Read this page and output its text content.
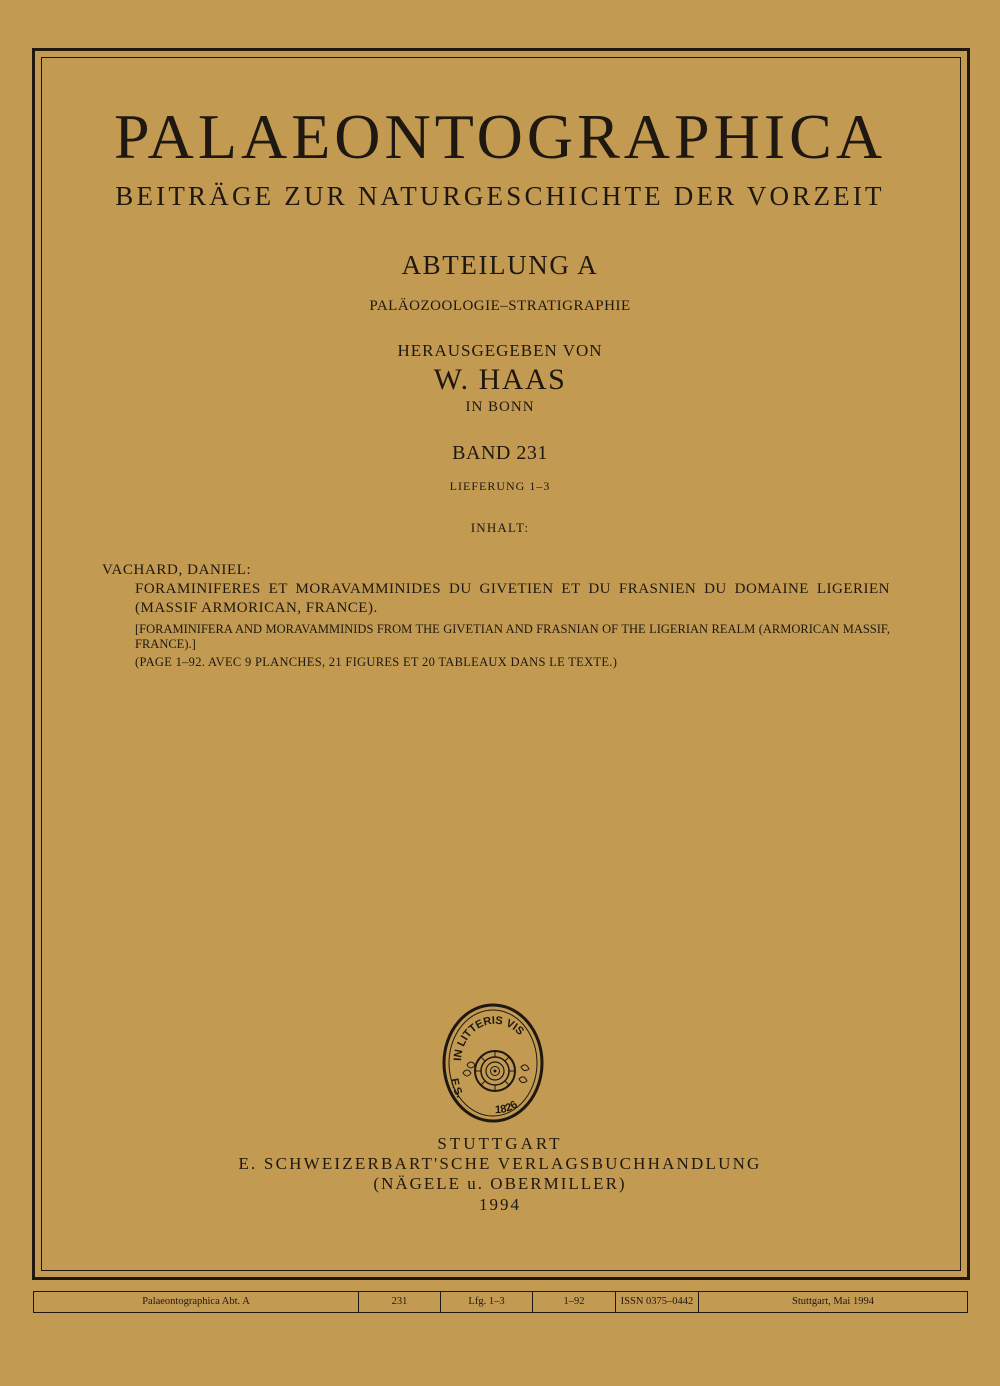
PALAEONTOGRAPHICA
BEITRÄGE ZUR NATURGESCHICHTE DER VORZEIT
ABTEILUNG A
PALÄOZOOLOGIE–STRATIGRAPHIE
HERAUSGEGEBEN VON
W. HAAS
IN BONN
BAND 231
LIEFERUNG 1–3
INHALT:
VACHARD, DANIEL:
FORAMINIFERES ET MORAVAMMINIDES DU GIVETIEN ET DU FRASNIEN DU DOMAINE LIGERIEN (MASSIF ARMORICAN, FRANCE).
[FORAMINIFERA AND MORAVAMMINIDS FROM THE GIVETIAN AND FRASNIAN OF THE LIGERIAN REALM (ARMORICAN MASSIF, FRANCE).]
(PAGE 1–92. AVEC 9 PLANCHES, 21 FIGURES ET 20 TABLEAUX DANS LE TEXTE.)
IN LITTERIS VIS
E.S.
1826
STUTTGART
E. SCHWEIZERBART'SCHE VERLAGSBUCHHANDLUNG
(NÄGELE u. OBERMILLER)
1994
Palaeontographica Abt. A	231	Lfg. 1–3	1–92	ISSN 0375–0442	Stuttgart, Mai 1994
